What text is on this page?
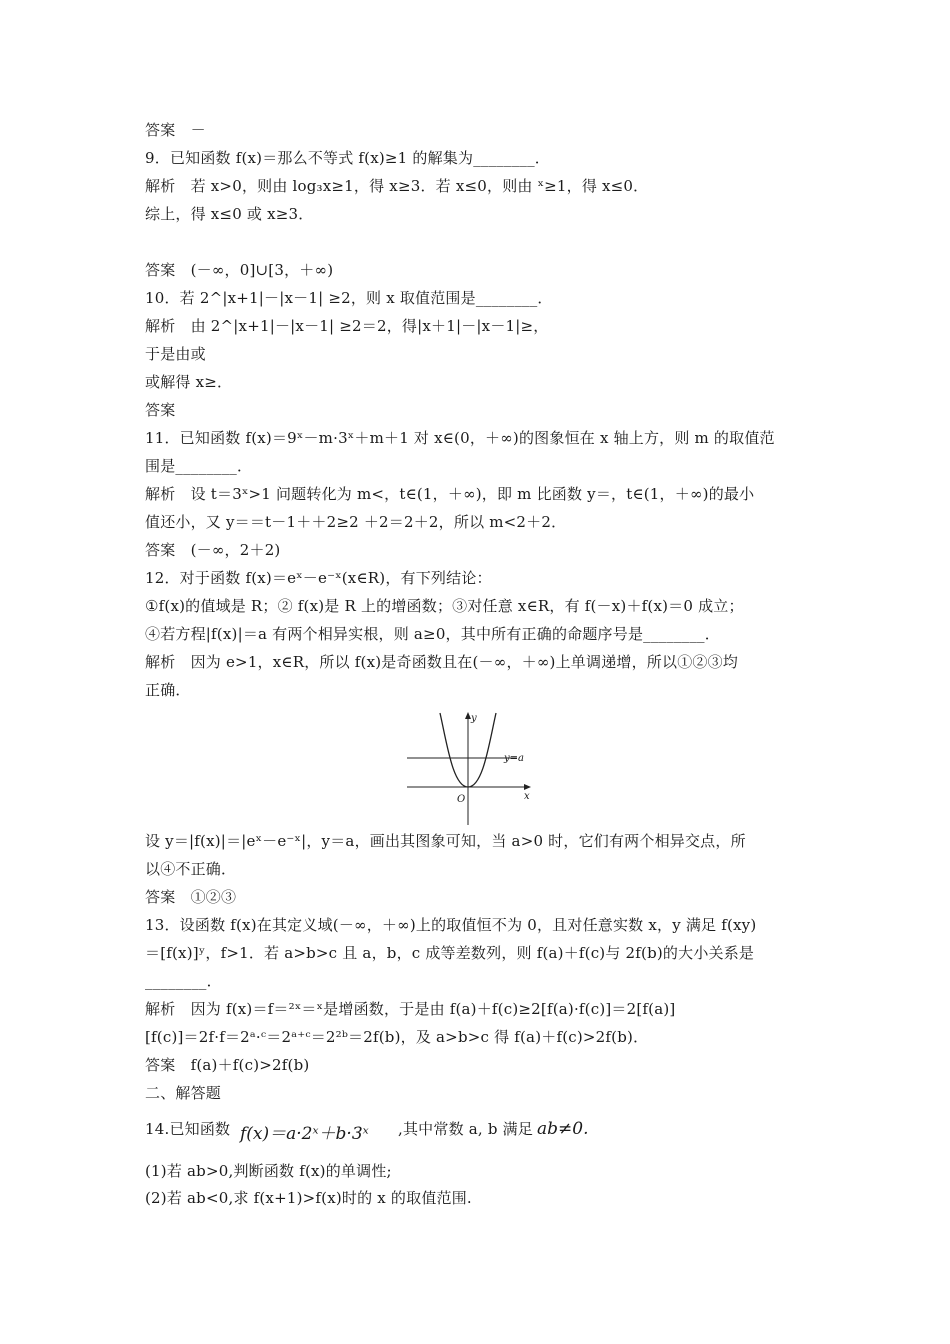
答案　－
9．已知函数 f(x)＝那么不等式 f(x)≥1 的解集为________．
解析　若 x>0，则由 log₃x≥1，得 x≥3．若 x≤0，则由 ˣ≥1，得 x≤0．
综上，得 x≤0 或 x≥3．
答案　(－∞，0]∪[3，＋∞)
10．若 2^|x+1|－|x－1| ≥2，则 x 取值范围是________．
解析　由 2^|x+1|－|x－1| ≥2＝2，得|x＋1|－|x－1|≥，
于是由或
或解得 x≥．
答案
11．已知函数 f(x)＝9ˣ－m·3ˣ＋m＋1 对 x∈(0，＋∞)的图象恒在 x 轴上方，则 m 的取值范
围是________．
解析　设 t＝3ˣ>1 问题转化为 m<，t∈(1，＋∞)，即 m 比函数 y＝，t∈(1，＋∞)的最小
值还小，又 y＝＝t－1＋＋2≥2 ＋2＝2＋2，所以 m<2＋2．
答案　(－∞，2＋2)
12．对于函数 f(x)＝eˣ－e⁻ˣ(x∈R)，有下列结论：
①f(x)的值域是 R；② f(x)是 R 上的增函数；③对任意 x∈R，有 f(－x)＋f(x)＝0 成立；
④若方程|f(x)|＝a 有两个相异实根，则 a≥0，其中所有正确的命题序号是________．
解析　因为 e>1，x∈R，所以 f(x)是奇函数且在(－∞，＋∞)上单调递增，所以①②③均
正确．
y
x
O
y=a
设 y＝|f(x)|＝|eˣ－e⁻ˣ|，y＝a，画出其图象可知，当 a>0 时，它们有两个相异交点，所
以④不正确．
答案　①②③
13．设函数 f(x)在其定义域(－∞，＋∞)上的取值恒不为 0，且对任意实数 x，y 满足 f(xy)
＝[f(x)]ʸ，f>1．若 a>b>c 且 a，b，c 成等差数列，则 f(a)＋f(c)与 2f(b)的大小关系是
________．
解析　因为 f(x)＝f＝²ˣ＝ˣ是增函数，于是由 f(a)＋f(c)≥2[f(a)·f(c)]＝2[f(a)]
[f(c)]＝2f·f＝2ᵃ·ᶜ＝2ᵃ⁺ᶜ＝2²ᵇ＝2f(b)，及 a>b>c 得 f(a)＋f(c)>2f(b)．
答案　f(a)＋f(c)>2f(b)
二、解答题
14.已知函数 f(x)＝a·2ˣ＋b·3ˣ ,其中常数 a, b 满足 ab≠0.
(1)若 ab>0,判断函数 f(x)的单调性;
(2)若 ab<0,求 f(x+1)>f(x)时的 x 的取值范围.
